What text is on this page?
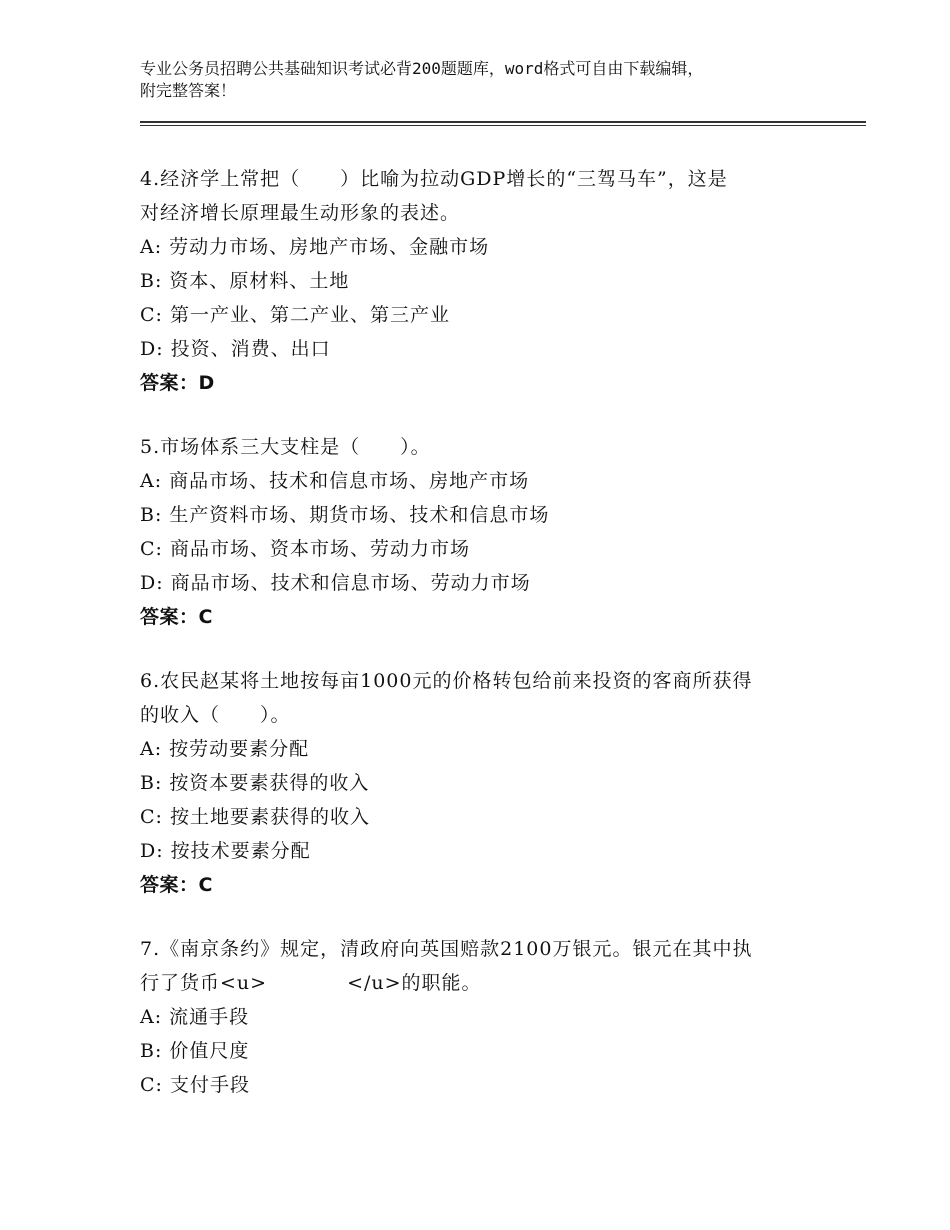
专业公务员招聘公共基础知识考试必背200题题库，word格式可自由下载编辑，
附完整答案！
4.经济学上常把（　　）比喻为拉动GDP增长的“三驾马车”，这是
对经济增长原理最生动形象的表述。
A: 劳动力市场、房地产市场、金融市场
B: 资本、原材料、土地
C: 第一产业、第二产业、第三产业
D: 投资、消费、出口
答案：D
5.市场体系三大支柱是（　　）。
A: 商品市场、技术和信息市场、房地产市场
B: 生产资料市场、期货市场、技术和信息市场
C: 商品市场、资本市场、劳动力市场
D: 商品市场、技术和信息市场、劳动力市场
答案：C
6.农民赵某将土地按每亩1000元的价格转包给前来投资的客商所获得
的收入（　　）。
A: 按劳动要素分配
B: 按资本要素获得的收入
C: 按土地要素获得的收入
D: 按技术要素分配
答案：C
7.《南京条约》规定，清政府向英国赔款2100万银元。银元在其中执
行了货币<u>　　　　</u>的职能。
A: 流通手段
B: 价值尺度
C: 支付手段
